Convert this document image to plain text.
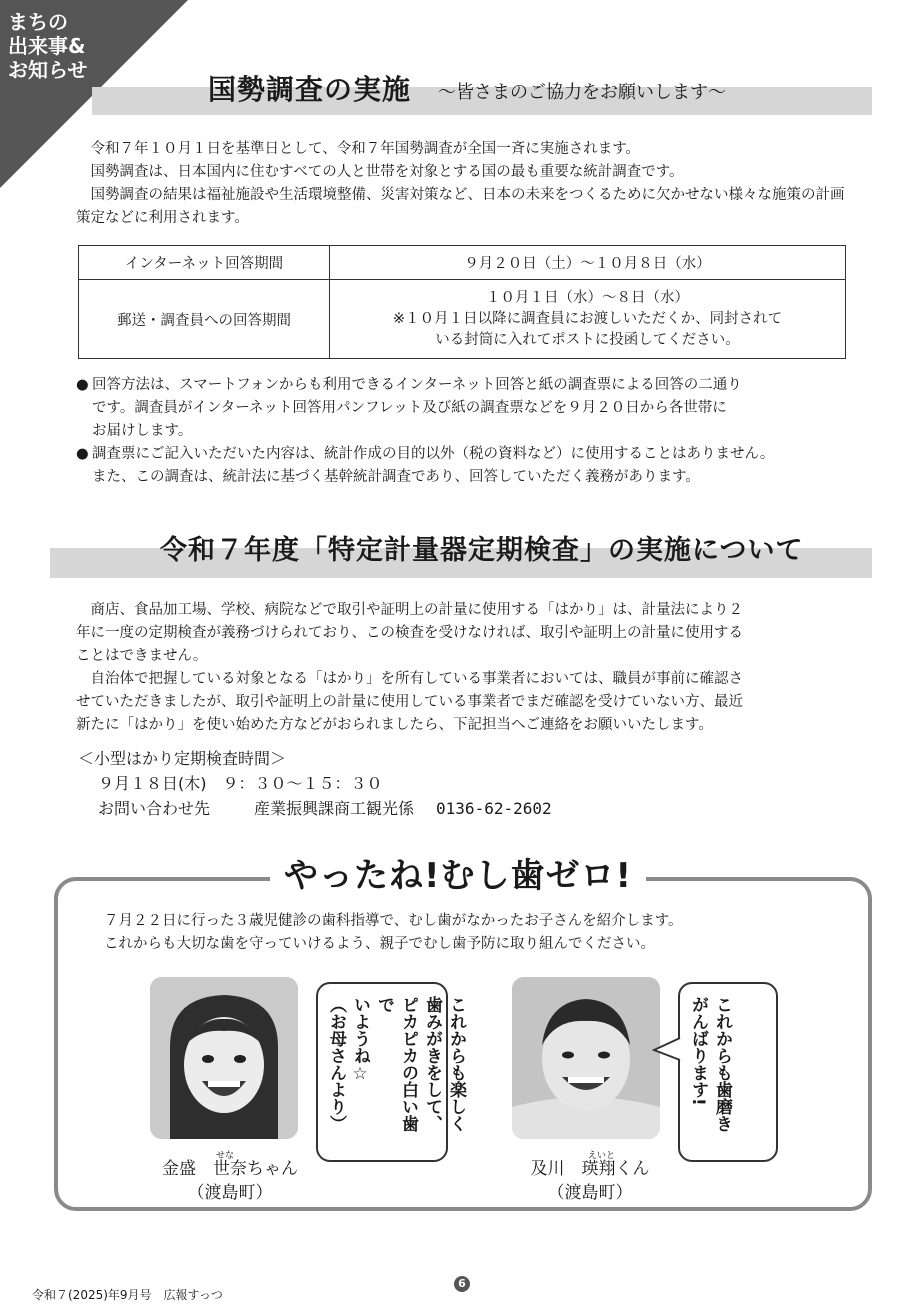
まちの
出来事&
お知らせ
国勢調査の実施 ～皆さまのご協力をお願いします～

令和７年１０月１日を基準日として、令和７年国勢調査が全国一斉に実施されます。

国勢調査は、日本国内に住むすべての人と世帯を対象とする国の最も重要な統計調査です。

国勢調査の結果は福祉施設や生活環境整備、災害対策など、日本の未来をつくるために欠かせない様々な施策の計画策定などに利用されます。

インターネット回答期間	９月２０日（土）～１０月８日（水）
郵送・調査員への回答期間	１０月１日（水）～８日（水）
※１０月１日以降に調査員にお渡しいただくか、同封されて
いる封筒に入れてポストに投函してください。
● 回答方法は、スマートフォンからも利用できるインターネット回答と紙の調査票による回答の二通り
です。調査員がインターネット回答用パンフレット及び紙の調査票などを９月２０日から各世帯に
お届けします。
● 調査票にご記入いただいた内容は、統計作成の目的以外（税の資料など）に使用することはありません。
また、この調査は、統計法に基づく基幹統計調査であり、回答していただく義務があります。
令和７年度「特定計量器定期検査」の実施について
　商店、食品加工場、学校、病院などで取引や証明上の計量に使用する「はかり」は、計量法により２
年に一度の定期検査が義務づけられており、この検査を受けなければ、取引や証明上の計量に使用する
ことはできません。
　自治体で把握している対象となる「はかり」を所有している事業者においては、職員が事前に確認さ
せていただきましたが、取引や証明上の計量に使用している事業者でまだ確認を受けていない方、最近
新たに「はかり」を使い始めた方などがおられましたら、下記担当へご連絡をお願いいたします。
＜小型はかり定期検査時間＞
９月１８日(木)　９：３０～１５：３０
お問い合わせ先	産業振興課商工観光係 0136-62-2602
やったね!むし歯ゼロ!
７月２２日に行った３歳児健診の歯科指導で、むし歯がなかったお子さんを紹介します。
これからも大切な歯を守っていけるよう、親子でむし歯予防に取り組んでください。
これからも楽しく
歯みがきをして、
ピカピカの白い歯で
いようね☆
（お母さんより）
せな
金盛　世奈ちゃん
（渡島町）
これからも歯磨き
がんばります!
えいと
及川　瑛翔くん
（渡島町）
令和７(2025)年9月号　広報すっつ
6
